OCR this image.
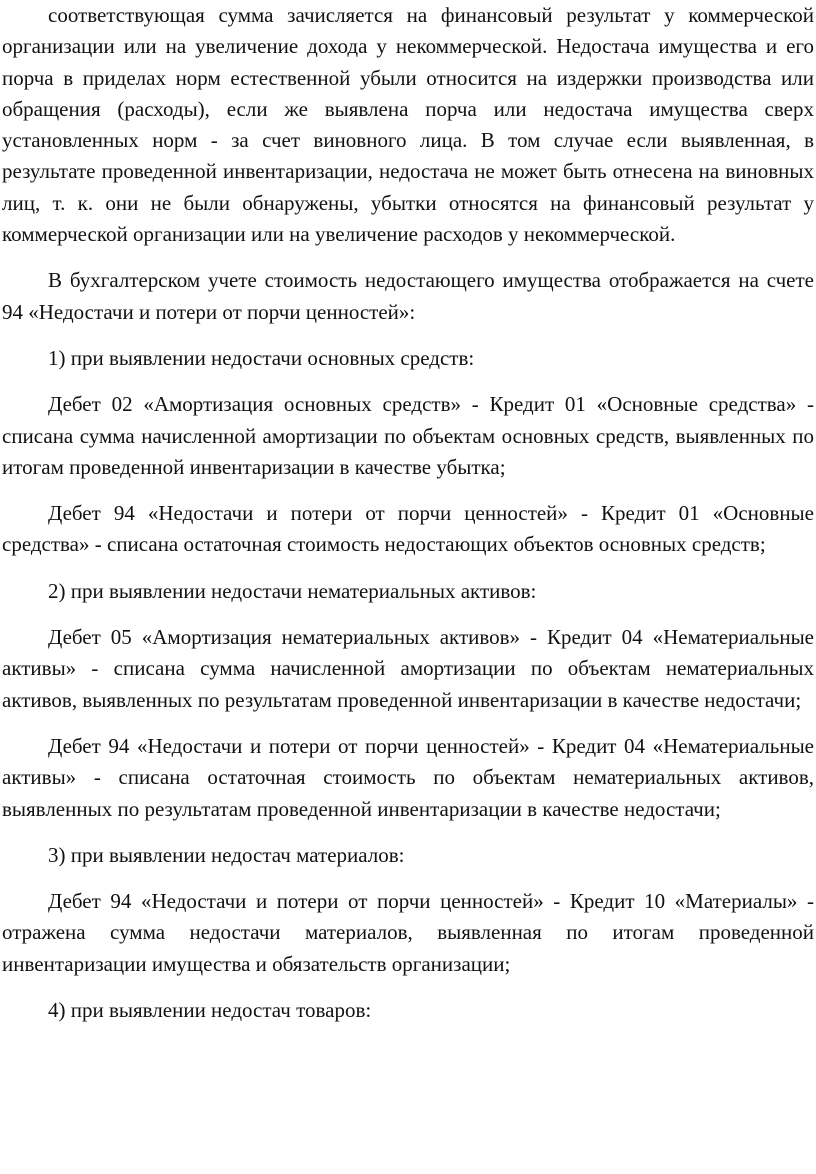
соответствующая сумма зачисляется на финансовый результат у коммерческой организации или на увеличение дохода у некоммерческой. Недостача имущества и его порча в приделах норм естественной убыли относится на издержки производства или обращения (расходы), если же выявлена порча или недостача имущества сверх установленных норм - за счет виновного лица. В том случае если выявленная, в результате проведенной инвентаризации, недостача не может быть отнесена на виновных лиц, т. к. они не были обнаружены, убытки относятся на финансовый результат у коммерческой организации или на увеличение расходов у некоммерческой.

В бухгалтерском учете стоимость недостающего имущества отображается на счете 94 «Недостачи и потери от порчи ценностей»:

1) при выявлении недостачи основных средств:

Дебет 02 «Амортизация основных средств» - Кредит 01 «Основные средства» - списана сумма начисленной амортизации по объектам основных средств, выявленных по итогам проведенной инвентаризации в качестве убытка;

Дебет 94 «Недостачи и потери от порчи ценностей» - Кредит 01 «Основные средства» - списана остаточная стоимость недостающих объектов основных средств;

2) при выявлении недостачи нематериальных активов:

Дебет 05 «Амортизация нематериальных активов» - Кредит 04 «Нематериальные активы» - списана сумма начисленной амортизации по объектам нематериальных активов, выявленных по результатам проведенной инвентаризации в качестве недостачи;

Дебет 94 «Недостачи и потери от порчи ценностей» - Кредит 04 «Нематериальные активы» - списана остаточная стоимость по объектам нематериальных активов, выявленных по результатам проведенной инвентаризации в качестве недостачи;

3) при выявлении недостач материалов:

Дебет 94 «Недостачи и потери от порчи ценностей» - Кредит 10 «Материалы» - отражена сумма недостачи материалов, выявленная по итогам проведенной инвентаризации имущества и обязательств организации;

4) при выявлении недостач товаров:
